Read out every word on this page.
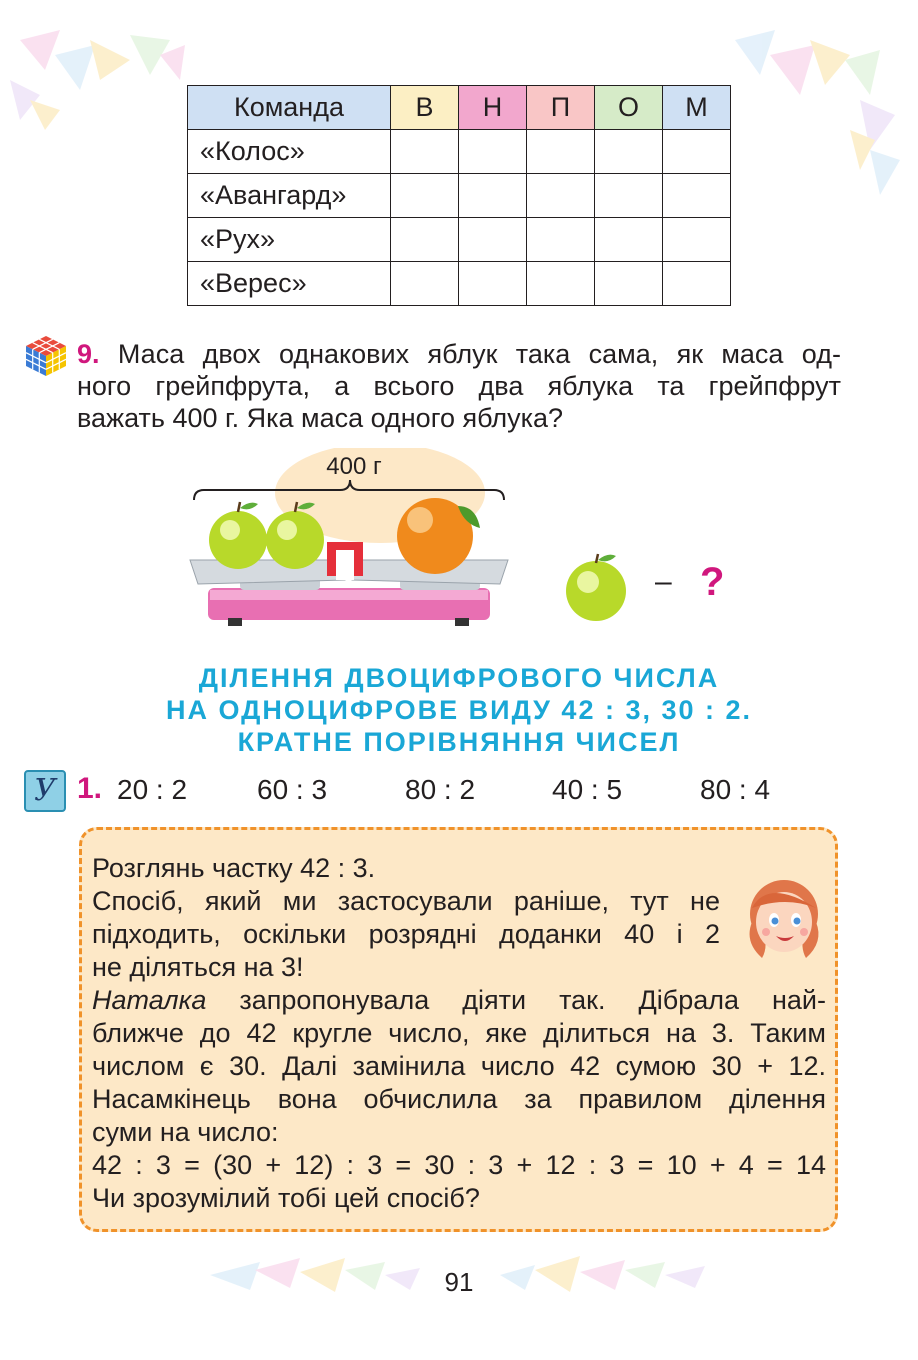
Команда	В	Н	П	О	М
«Колос»					
«Авангард»					
«Рух»					
«Верес»					
9. Маса двох однакових яблук така сама, як маса од-
ного грейпфрута, а всього два яблука та грейпфрут
важать 400 г. Яка маса одного яблука?
400 г
– ?
ДІЛЕННЯ ДВОЦИФРОВОГО ЧИСЛА
НА ОДНОЦИФРОВЕ ВИДУ 42 : 3, 30 : 2.
КРАТНЕ ПОРІВНЯННЯ ЧИСЕЛ
У 1. 20 : 2 60 : 3	80 : 2	40 : 5	80 : 4
Розглянь частку 42 : 3.
Спосіб, який ми застосували раніше, тут не
підходить, оскільки розрядні доданки 40 і 2
не діляться на 3!
Наталка запропонувала діяти так. Дібрала най-
ближче до 42 кругле число, яке ділиться на 3. Таким
числом є 30. Далі замінила число 42 сумою 30 + 12.
Насамкінець вона обчислила за правилом ділення
суми на число:
42 : 3 = (30 + 12) : 3 = 30 : 3 + 12 : 3 = 10 + 4 = 14
Чи зрозумілий тобі цей спосіб?
91
